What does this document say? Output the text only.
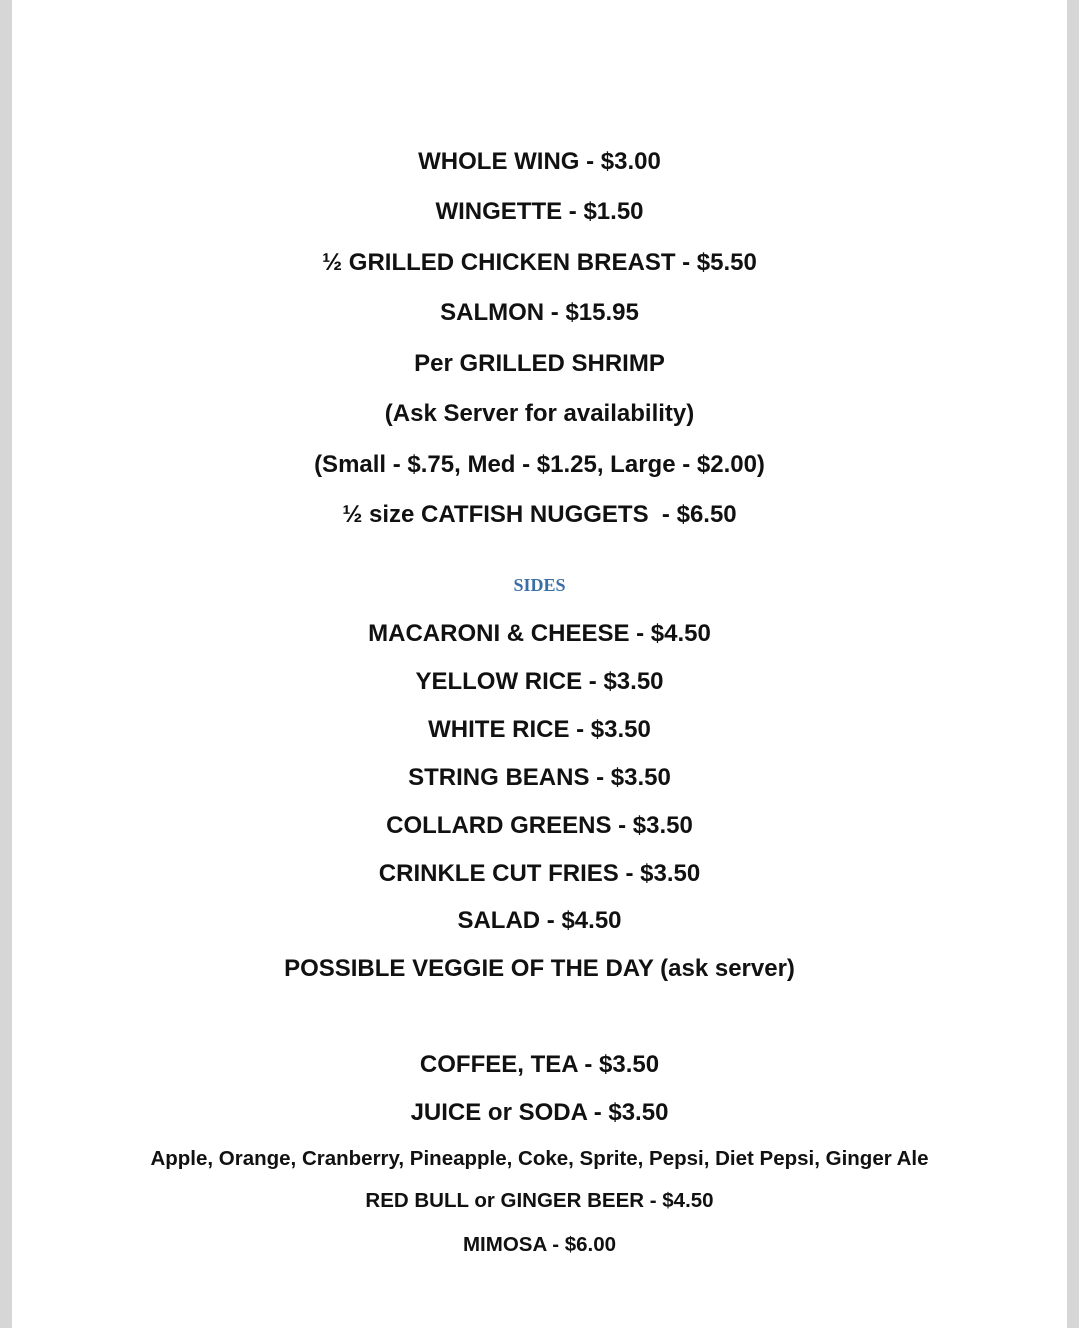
WHOLE WING - $3.00
WINGETTE - $1.50
½ GRILLED CHICKEN BREAST - $5.50
SALMON - $15.95
Per GRILLED SHRIMP
(Ask Server for availability)
(Small - $.75, Med - $1.25, Large - $2.00)
½ size CATFISH NUGGETS  - $6.50
SIDES
MACARONI & CHEESE - $4.50
YELLOW RICE - $3.50
WHITE RICE - $3.50
STRING BEANS - $3.50
COLLARD GREENS - $3.50
CRINKLE CUT FRIES - $3.50
SALAD - $4.50
POSSIBLE VEGGIE OF THE DAY (ask server)
COFFEE, TEA - $3.50
JUICE or SODA - $3.50
Apple, Orange, Cranberry, Pineapple, Coke, Sprite, Pepsi, Diet Pepsi, Ginger Ale
RED BULL or GINGER BEER - $4.50
MIMOSA - $6.00
